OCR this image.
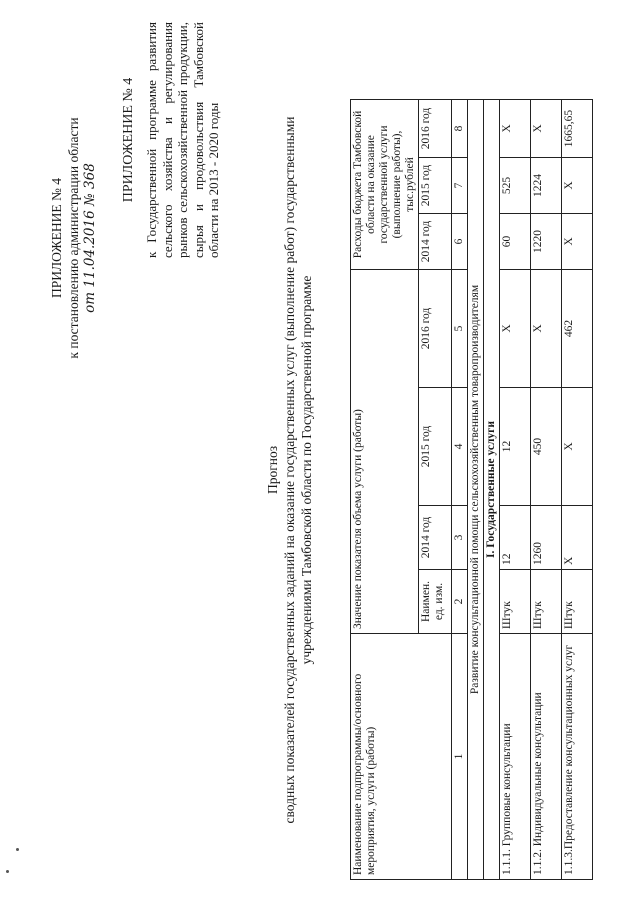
ПРИЛОЖЕНИЕ № 4 к постановлению администрации области от 11.04.2016 № 368
ПРИЛОЖЕНИЕ № 4 к Государственной программе развития сельского хозяйства и регулирования рынков сельскохозяйственной продукции, сырья и продовольствия Тамбовской области на 2013 - 2020 годы
Прогноз сводных показателей государственных заданий на оказание государственных услуг (выполнение работ) государственными учреждениями Тамбовской области по Государственной программе
Наименование подпрограммы/основного мероприятия, услуги (работы)	Значение показателя объема услуги (работы)				Расходы бюджета Тамбовской области на оказание государственной услуги (выполнение работы), тыс.рублей		
	Наимен. ед. изм.	2014 год	2015 год	2016 год	2014 год	2015 год	2016 год
1	2	3	4	5	6	7	8
Развитие консультационной помощи сельскохозяйственным товаропроизводителям							
I. Государственные услуги							
1.1.1. Групповые консультации	Штук	12	12	Х	60	525	Х
1.1.2. Индивидуальные консультации	Штук	1260	450	Х	1220	1224	Х
1.1.3.Предоставление консультационных услуг	Штук	Х	Х	462	Х	Х	1665,65
